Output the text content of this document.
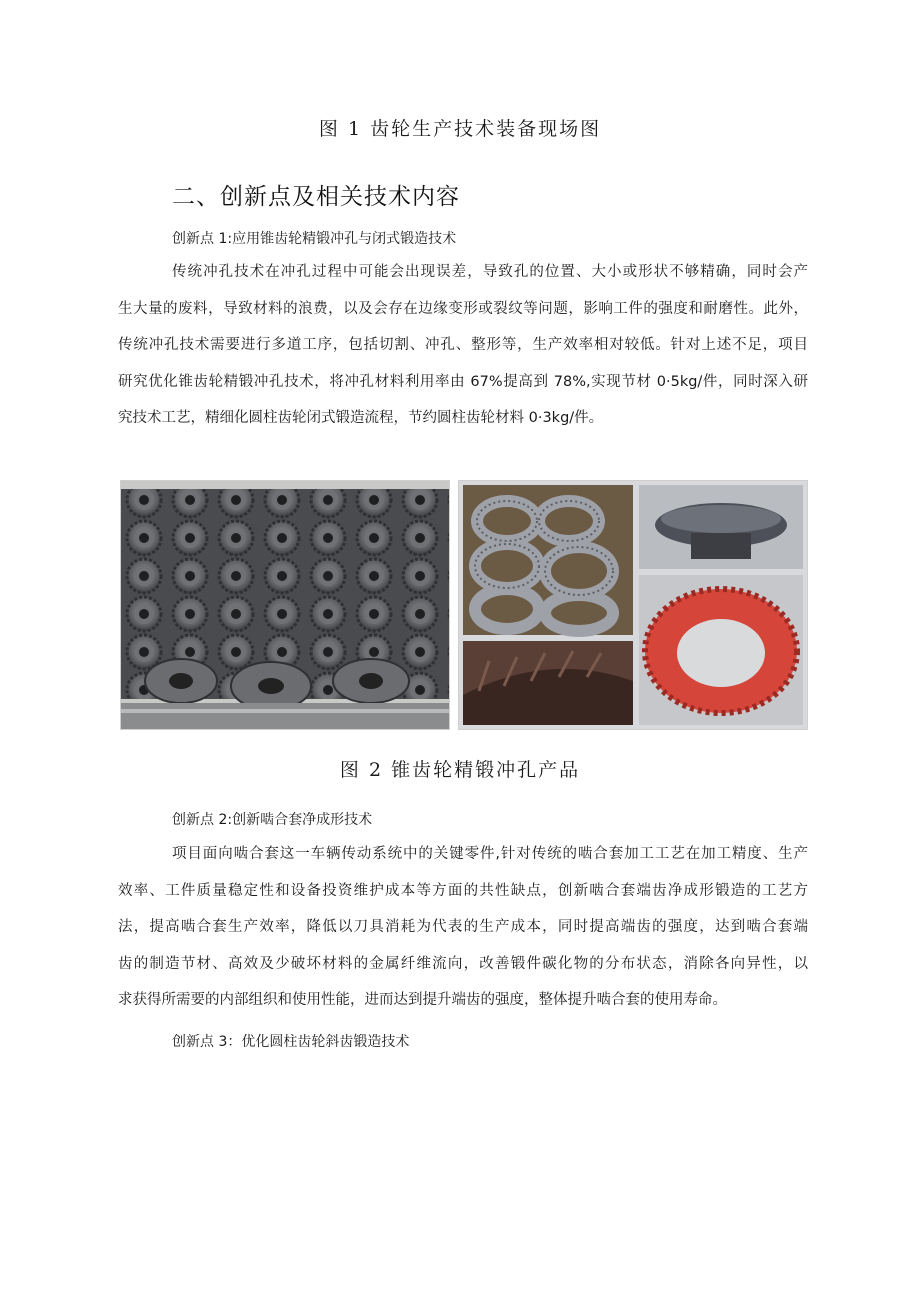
图 1 齿轮生产技术装备现场图
二、创新点及相关技术内容
创新点 1:应用锥齿轮精锻冲孔与闭式锻造技术
传统冲孔技术在冲孔过程中可能会出现误差，导致孔的位置、大小或形状不够精确，同时会产
生大量的废料，导致材料的浪费，以及会存在边缘变形或裂纹等问题，影响工件的强度和耐磨性。此外，
传统冲孔技术需要进行多道工序，包括切割、冲孔、整形等，生产效率相对较低。针对上述不足，项目
研究优化锥齿轮精锻冲孔技术，将冲孔材料利用率由 67%提高到 78%,实现节材 0·5kg∕件，同时深入研
究技术工艺，精细化圆柱齿轮闭式锻造流程，节约圆柱齿轮材料 0·3kg∕件。
图 2 锥齿轮精锻冲孔产品
创新点 2:创新啮合套净成形技术
项目面向啮合套这一车辆传动系统中的关键零件,针对传统的啮合套加工工艺在加工精度、生产
效率、工件质量稳定性和设备投资维护成本等方面的共性缺点，创新啮合套端齿净成形锻造的工艺方
法，提高啮合套生产效率，降低以刀具消耗为代表的生产成本，同时提高端齿的强度，达到啮合套端
齿的制造节材、高效及少破坏材料的金属纤维流向，改善锻件碳化物的分布状态，消除各向异性，以
求获得所需要的内部组织和使用性能，进而达到提升端齿的强度，整体提升啮合套的使用寿命。
创新点 3：优化圆柱齿轮斜齿锻造技术
